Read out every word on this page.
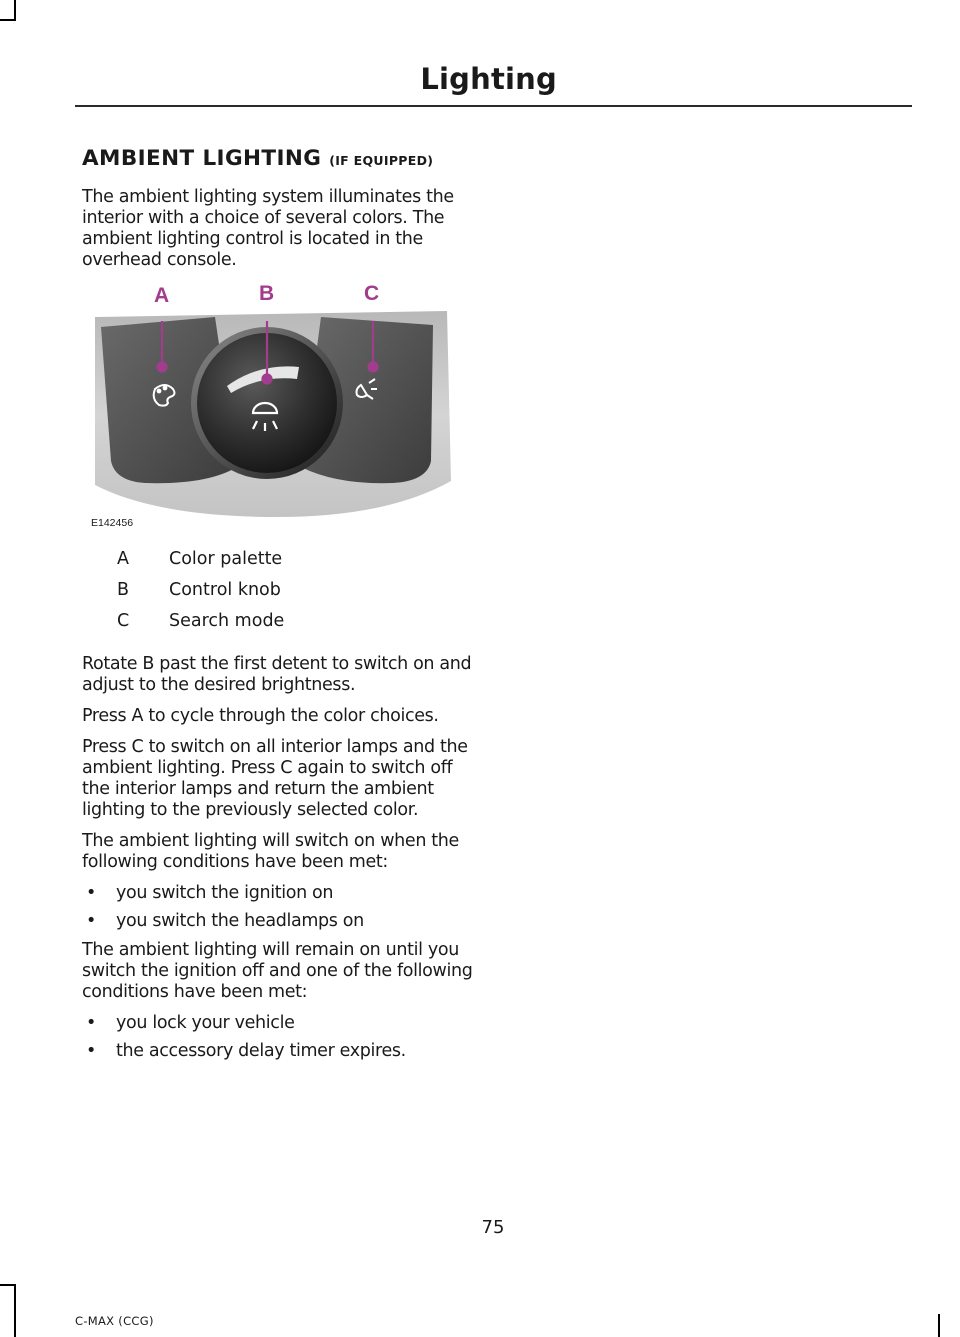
Lighting
AMBIENT LIGHTING (IF EQUIPPED)

The ambient lighting system illuminates the interior with a choice of several colors. The ambient lighting control is located in the overhead console.

A	B	C
E142456
A	Color palette
B	Control knob
C	Search mode

Rotate B past the first detent to switch on and adjust to the desired brightness.

Press A to cycle through the color choices.

Press C to switch on all interior lamps and the ambient lighting. Press C again to switch off the interior lamps and return the ambient lighting to the previously selected color.

The ambient lighting will switch on when the following conditions have been met:

• you switch the ignition on
• you switch the headlamps on

The ambient lighting will remain on until you switch the ignition off and one of the following conditions have been met:

• you lock your vehicle
• the accessory delay timer expires.
75
C-MAX (CCG)
